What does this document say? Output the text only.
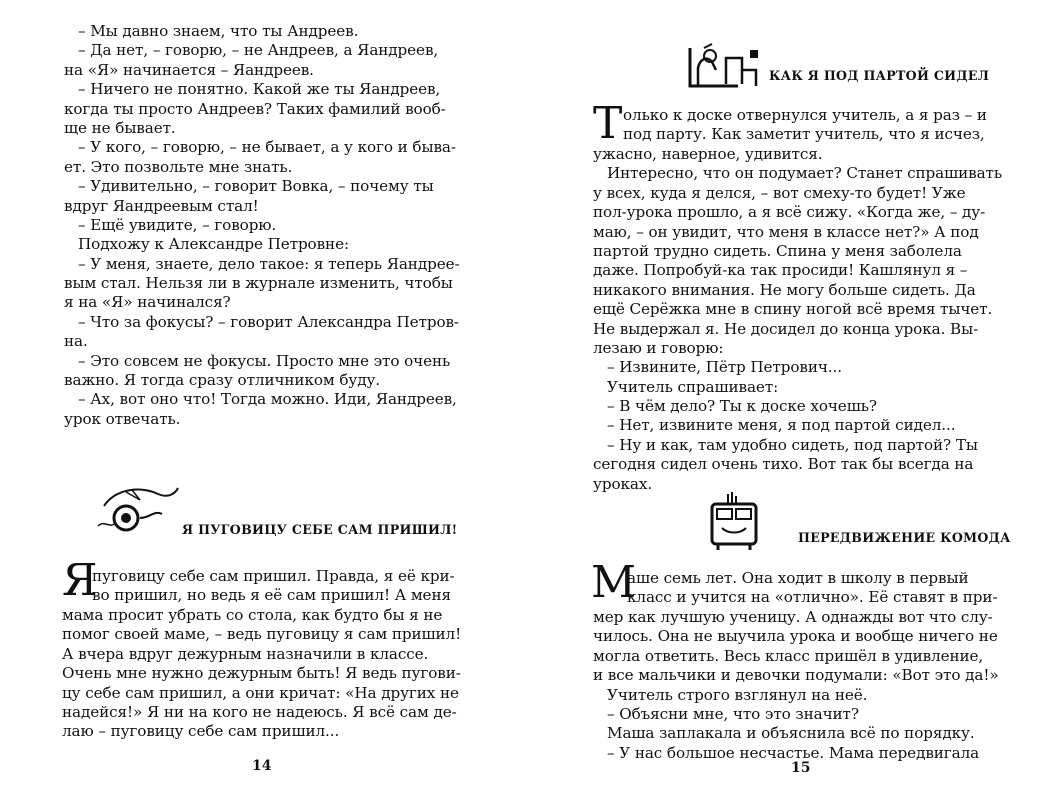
– Мы давно знаем, что ты Андреев.
– Да нет, – говорю, – не Андреев, а Яандреев,
на «Я» начинается – Яандреев.
– Ничего не понятно. Какой же ты Яандреев,
когда ты просто Андреев? Таких фамилий вооб-
ще не бывает.
– У кого, – говорю, – не бывает, а у кого и быва-
ет. Это позвольте мне знать.
– Удивительно, – говорит Вовка, – почему ты
вдруг Яандреевым стал!
– Ещё увидите, – говорю.
Подхожу к Александре Петровне:
– У меня, знаете, дело такое: я теперь Яандрее-
вым стал. Нельзя ли в журнале изменить, чтобы
я на «Я» начинался?
– Что за фокусы? – говорит Александра Петров-
на.
– Это совсем не фокусы. Просто мне это очень
важно. Я тогда сразу отличником буду.
– Ах, вот оно что! Тогда можно. Иди, Яандреев,
урок отвечать.
Я ПУГОВИЦУ СЕБЕ САМ ПРИШИЛ!
Я
пуговицу себе сам пришил. Правда, я её кри-
во пришил, но ведь я её сам пришил! А меня
мама просит убрать со стола, как будто бы я не
помог своей маме, – ведь пуговицу я сам пришил!
А вчера вдруг дежурным назначили в классе.
Очень мне нужно дежурным быть! Я ведь пугови-
цу себе сам пришил, а они кричат: «На других не
надейся!» Я ни на кого не надеюсь. Я всё сам де-
лаю – пуговицу себе сам пришил...
14
КАК Я ПОД ПАРТОЙ СИДЕЛ
Т олько к доске отвернулся учитель, а я раз – и
под парту. Как заметит учитель, что я исчез,
ужасно, наверное, удивится.
Интересно, что он подумает? Станет спрашивать
у всех, куда я делся, – вот смеху-то будет! Уже
пол-урока прошло, а я всё сижу. «Когда же, – ду-
маю, – он увидит, что меня в классе нет?» А под
партой трудно сидеть. Спина у меня заболела
даже. Попробуй-ка так просиди! Кашлянул я –
никакого внимания. Не могу больше сидеть. Да
ещё Серёжка мне в спину ногой всё время тычет.
Не выдержал я. Не досидел до конца урока. Вы-
лезаю и говорю:
– Извините, Пётр Петрович...
Учитель спрашивает:
– В чём дело? Ты к доске хочешь?
– Нет, извините меня, я под партой сидел...
– Ну и как, там удобно сидеть, под партой? Ты
сегодня сидел очень тихо. Вот так бы всегда на
уроках.
ПЕРЕДВИЖЕНИЕ КОМОДА
М
аше семь лет. Она ходит в школу в первый
класс и учится на «отлично». Её ставят в при-
мер как лучшую ученицу. А однажды вот что слу-
чилось. Она не выучила урока и вообще ничего не
могла ответить. Весь класс пришёл в удивление,
и все мальчики и девочки подумали: «Вот это да!»
Учитель строго взглянул на неё.
– Объясни мне, что это значит?
Маша заплакала и объяснила всё по порядку.
– У нас большое несчастье. Мама передвигала
15
